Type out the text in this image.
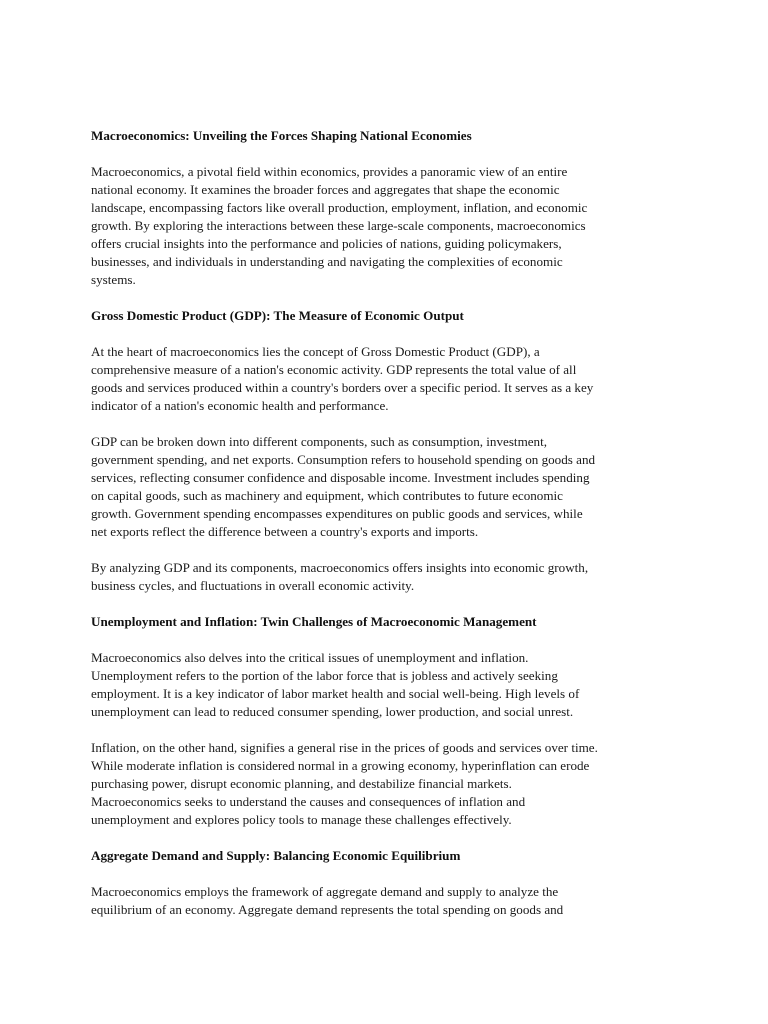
Macroeconomics: Unveiling the Forces Shaping National Economies
Macroeconomics, a pivotal field within economics, provides a panoramic view of an entire
national economy. It examines the broader forces and aggregates that shape the economic
landscape, encompassing factors like overall production, employment, inflation, and economic
growth. By exploring the interactions between these large-scale components, macroeconomics
offers crucial insights into the performance and policies of nations, guiding policymakers,
businesses, and individuals in understanding and navigating the complexities of economic
systems.
Gross Domestic Product (GDP): The Measure of Economic Output
At the heart of macroeconomics lies the concept of Gross Domestic Product (GDP), a
comprehensive measure of a nation's economic activity. GDP represents the total value of all
goods and services produced within a country's borders over a specific period. It serves as a key
indicator of a nation's economic health and performance.
GDP can be broken down into different components, such as consumption, investment,
government spending, and net exports. Consumption refers to household spending on goods and
services, reflecting consumer confidence and disposable income. Investment includes spending
on capital goods, such as machinery and equipment, which contributes to future economic
growth. Government spending encompasses expenditures on public goods and services, while
net exports reflect the difference between a country's exports and imports.
By analyzing GDP and its components, macroeconomics offers insights into economic growth,
business cycles, and fluctuations in overall economic activity.
Unemployment and Inflation: Twin Challenges of Macroeconomic Management
Macroeconomics also delves into the critical issues of unemployment and inflation.
Unemployment refers to the portion of the labor force that is jobless and actively seeking
employment. It is a key indicator of labor market health and social well-being. High levels of
unemployment can lead to reduced consumer spending, lower production, and social unrest.
Inflation, on the other hand, signifies a general rise in the prices of goods and services over time.
While moderate inflation is considered normal in a growing economy, hyperinflation can erode
purchasing power, disrupt economic planning, and destabilize financial markets.
Macroeconomics seeks to understand the causes and consequences of inflation and
unemployment and explores policy tools to manage these challenges effectively.
Aggregate Demand and Supply: Balancing Economic Equilibrium
Macroeconomics employs the framework of aggregate demand and supply to analyze the
equilibrium of an economy. Aggregate demand represents the total spending on goods and
